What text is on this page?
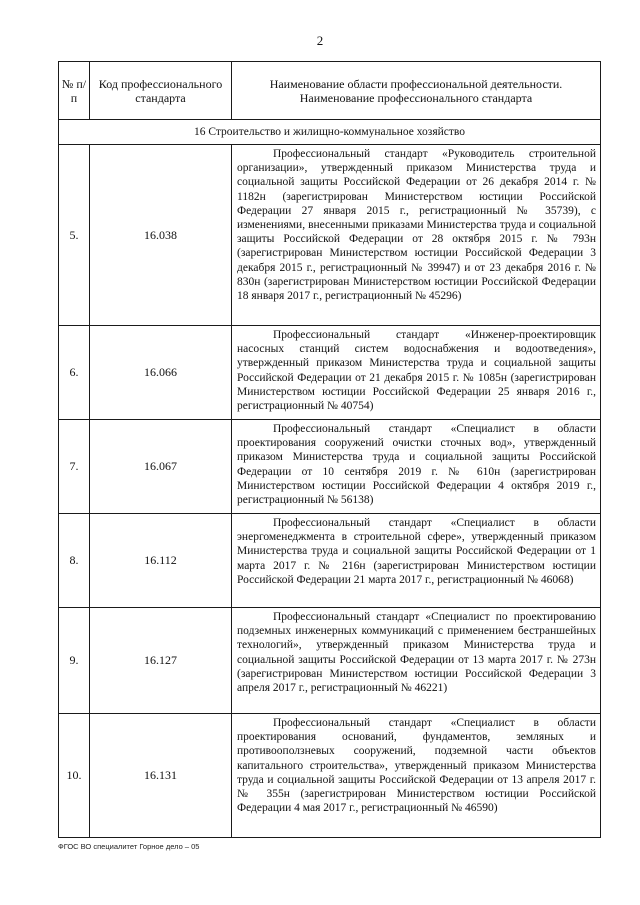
2
№ п/п	Код профессионального стандарта	Наименование области профессиональной деятельности. Наименование профессионального стандарта
16 Строительство и жилищно-коммунальное хозяйство		
5.	16.038	Профессиональный стандарт «Руководитель строительной организации», утвержденный приказом Министерства труда и социальной защиты Российской Федерации от 26 декабря 2014 г. № 1182н (зарегистрирован Министерством юстиции Российской Федерации 27 января 2015 г., регистрационный № 35739), с изменениями, внесенными приказами Министерства труда и социальной защиты Российской Федерации от 28 октября 2015 г. № 793н (зарегистрирован Министерством юстиции Российской Федерации 3 декабря 2015 г., регистрационный № 39947) и от 23 декабря 2016 г. № 830н (зарегистрирован Министерством юстиции Российской Федерации 18 января 2017 г., регистрационный № 45296)
6.	16.066	Профессиональный стандарт «Инженер-проектировщик насосных станций систем водоснабжения и водоотведения», утвержденный приказом Министерства труда и социальной защиты Российской Федерации от 21 декабря 2015 г. № 1085н (зарегистрирован Министерством юстиции Российской Федерации 25 января 2016 г., регистрационный № 40754)
7.	16.067	Профессиональный стандарт «Специалист в области проектирования сооружений очистки сточных вод», утвержденный приказом Министерства труда и социальной защиты Российской Федерации от 10 сентября 2019 г. № 610н (зарегистрирован Министерством юстиции Российской Федерации 4 октября 2019 г., регистрационный № 56138)
8.	16.112	Профессиональный стандарт «Специалист в области энергоменеджмента в строительной сфере», утвержденный приказом Министерства труда и социальной защиты Российской Федерации от 1 марта 2017 г. № 216н (зарегистрирован Министерством юстиции Российской Федерации 21 марта 2017 г., регистрационный № 46068)
9.	16.127	Профессиональный стандарт «Специалист по проектированию подземных инженерных коммуникаций с применением бестраншейных технологий», утвержденный приказом Министерства труда и социальной защиты Российской Федерации от 13 марта 2017 г. № 273н (зарегистрирован Министерством юстиции Российской Федерации 3 апреля 2017 г., регистрационный № 46221)
10.	16.131	Профессиональный стандарт «Специалист в области проектирования оснований, фундаментов, земляных и противооползневых сооружений, подземной части объектов капитального строительства», утвержденный приказом Министерства труда и социальной защиты Российской Федерации от 13 апреля 2017 г. № 355н (зарегистрирован Министерством юстиции Российской Федерации 4 мая 2017 г., регистрационный № 46590)
ФГОС ВО специалитет Горное дело – 05
